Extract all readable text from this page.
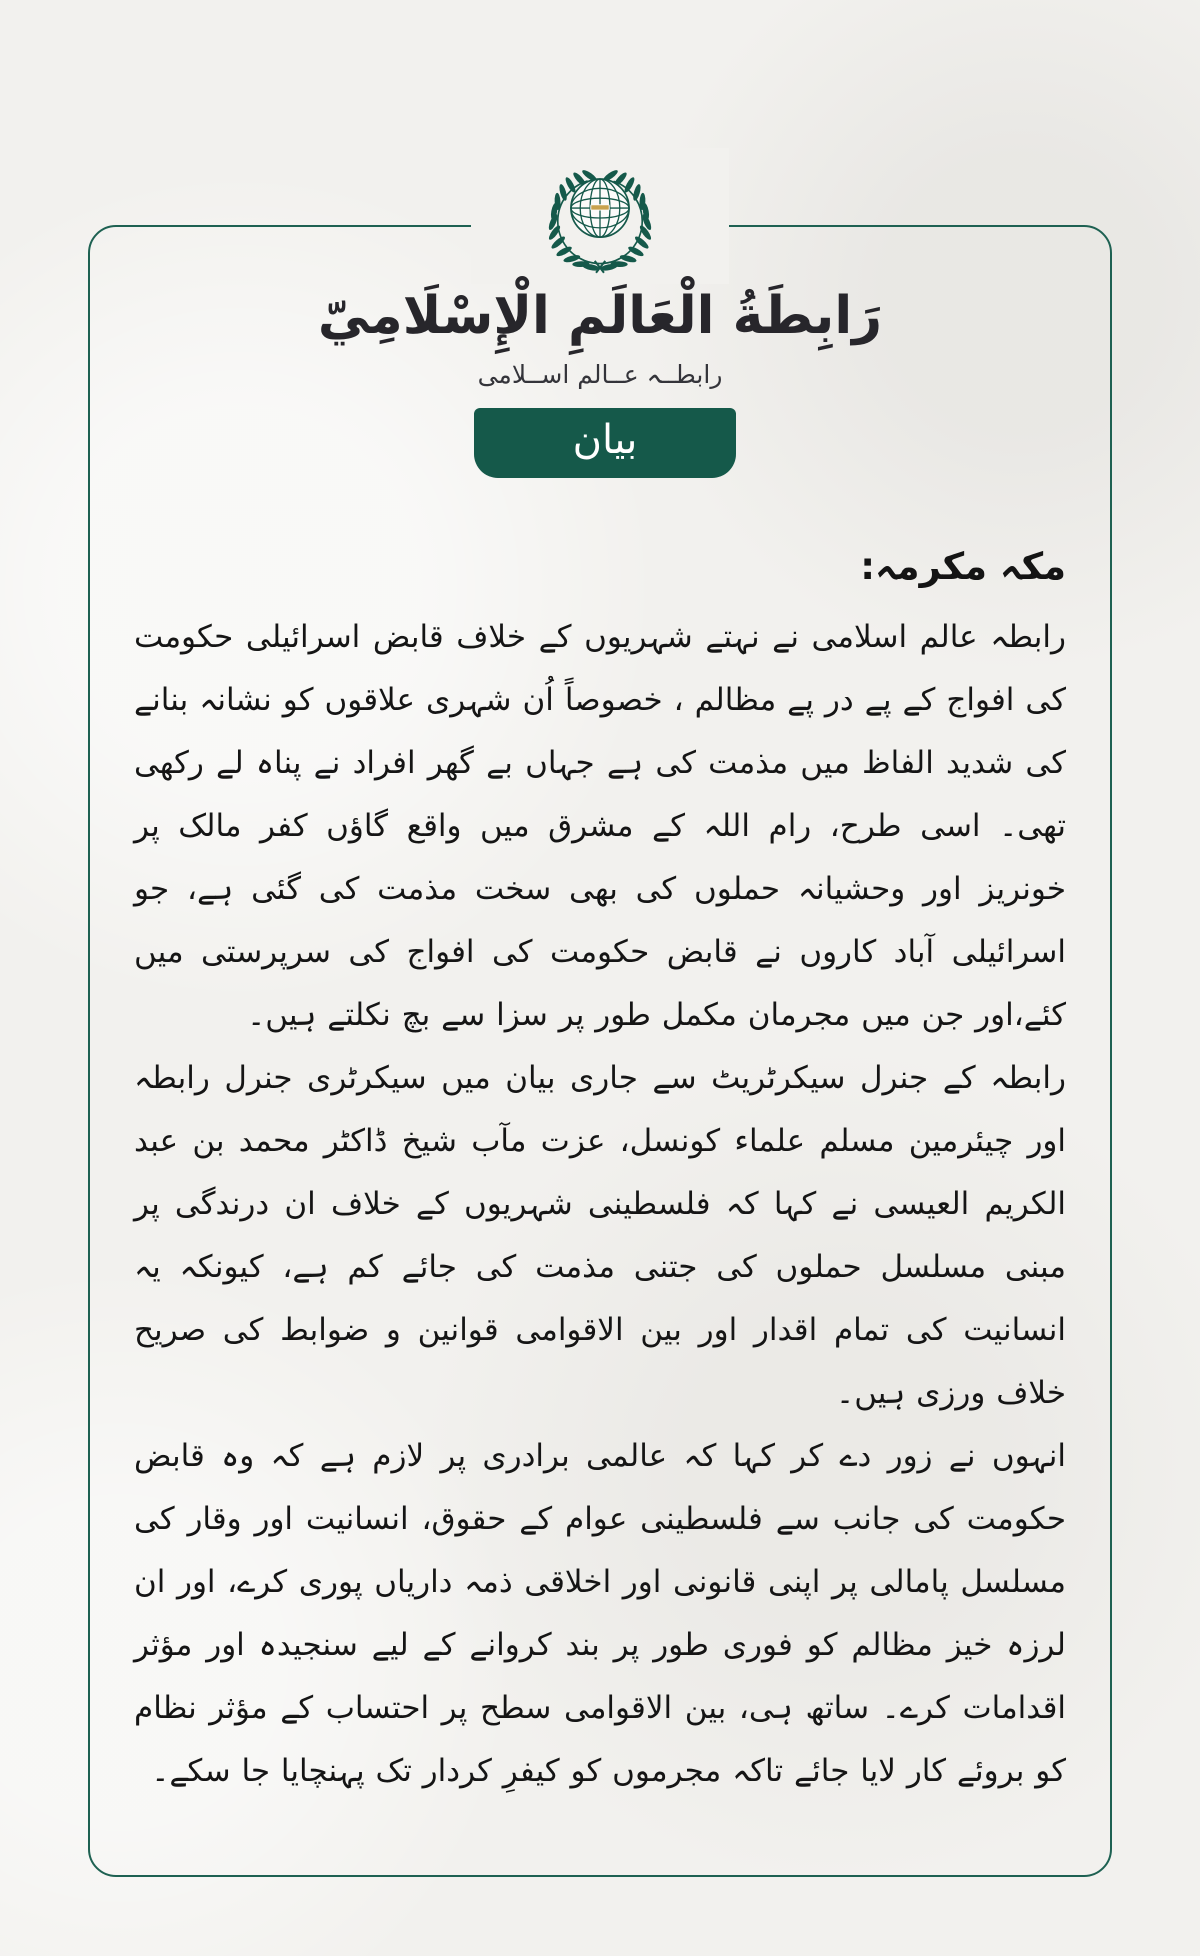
مکہ مکرمہ:

رابطہ عالم اسلامی نے نہتے شہریوں کے خلاف قابض اسرائیلی حکومت کی افواج کے پے در پے مظالم ، خصوصاً اُن شہری علاقوں کو نشانہ بنانے کی شدید الفاظ میں مذمت کی ہے جہاں بے گھر افراد نے پناہ لے رکھی تھی۔ اسی طرح، رام اللہ کے مشرق میں واقع گاؤں کفر مالک پر خونریز اور وحشیانہ حملوں کی بھی سخت مذمت کی گئی ہے، جو اسرائیلی آباد کاروں نے قابض حکومت کی افواج کی سرپرستی میں کئے،اور جن میں مجرمان مکمل طور پر سزا سے بچ نکلتے ہیں۔

رابطہ کے جنرل سیکرٹریٹ سے جاری بیان میں سیکرٹری جنرل رابطہ اور چیئرمین مسلم علماء کونسل، عزت مآب شیخ ڈاکٹر محمد بن عبد الکریم العیسی نے کہا کہ فلسطینی شہریوں کے خلاف ان درندگی پر مبنی مسلسل حملوں کی جتنی مذمت کی جائے کم ہے، کیونکہ یہ انسانیت کی تمام اقدار اور بین الاقوامی قوانین و ضوابط کی صریح خلاف ورزی ہیں۔

انہوں نے زور دے کر کہا کہ عالمی برادری پر لازم ہے کہ وہ قابض حکومت کی جانب سے فلسطینی عوام کے حقوق، انسانیت اور وقار کی مسلسل پامالی پر اپنی قانونی اور اخلاقی ذمہ داریاں پوری کرے، اور ان لرزہ خیز مظالم کو فوری طور پر بند کروانے کے لیے سنجیدہ اور مؤثر اقدامات کرے۔ ساتھ ہی، بین الاقوامی سطح پر احتساب کے مؤثر نظام کو بروئے کار لایا جائے تاکہ مجرموں کو کیفرِ کردار تک پہنچایا جا سکے۔

رَابِطَةُ الْعَالَمِ الْإِسْلَامِيّ
رابطــہ عــالم اســلامی
بیان
